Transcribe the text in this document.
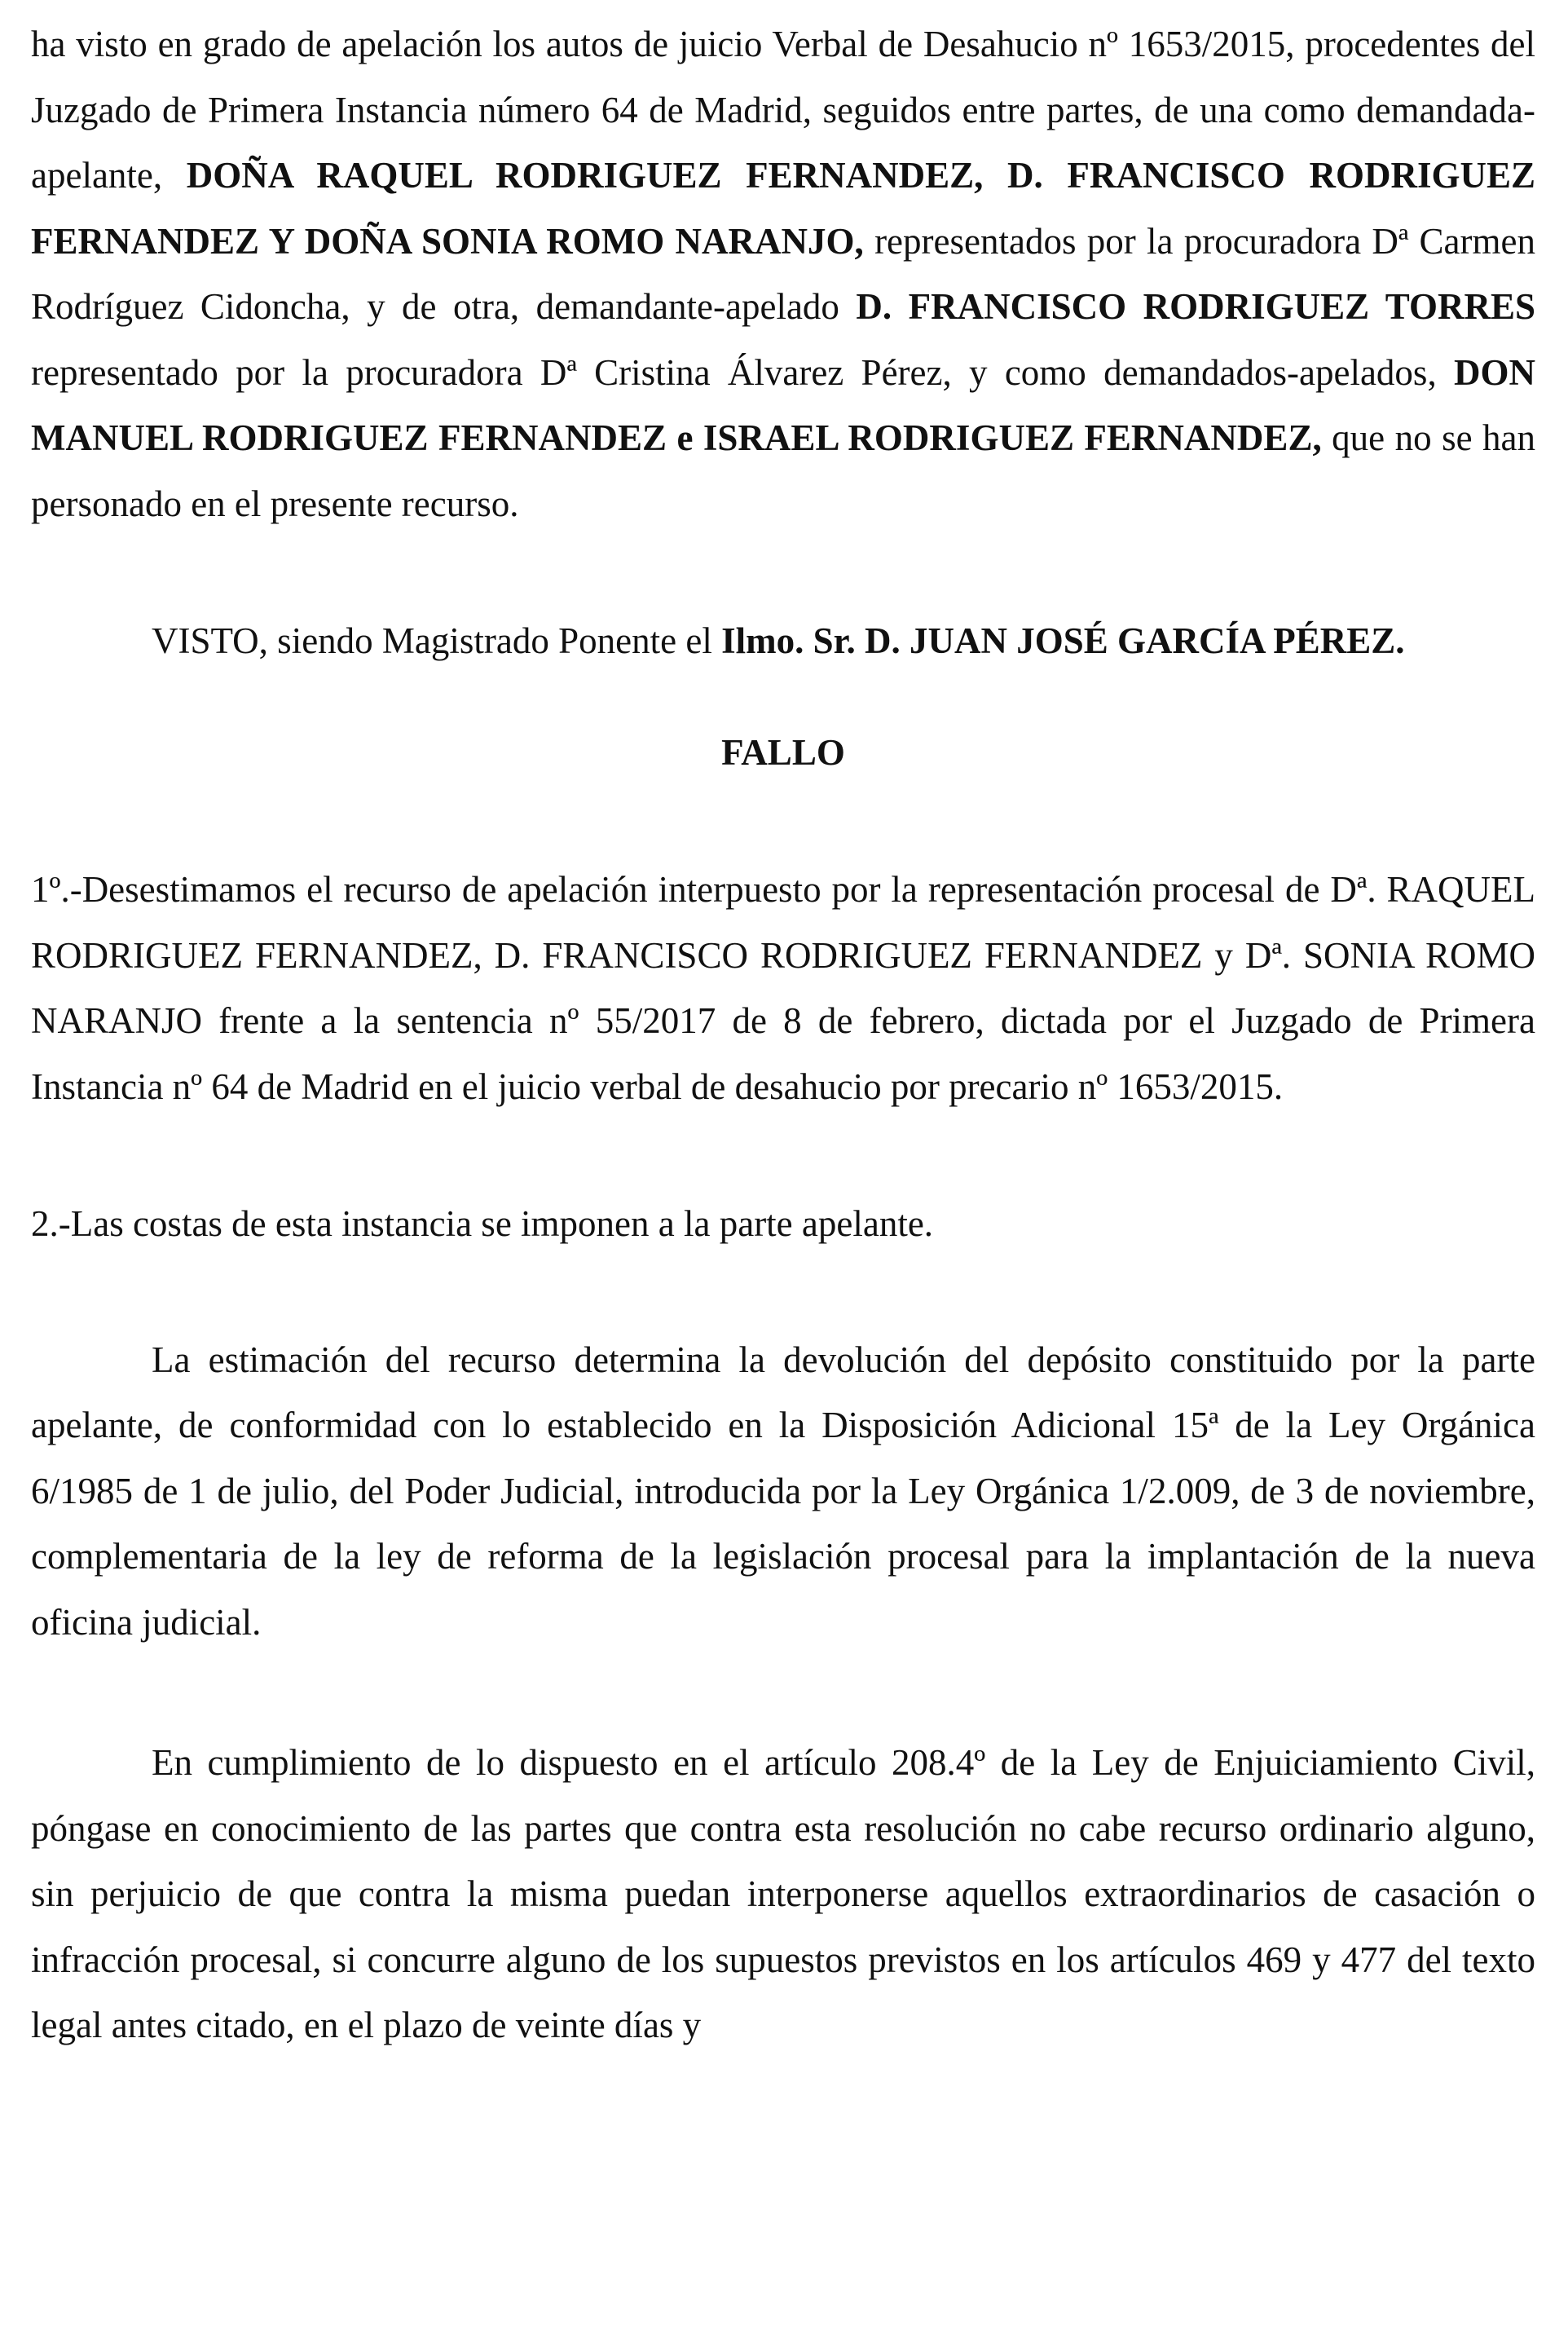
ha visto en grado de apelación los autos de juicio Verbal de Desahucio nº 1653/2015, procedentes del Juzgado de Primera Instancia número 64 de Madrid, seguidos entre partes, de una como demandada-apelante, DOÑA RAQUEL RODRIGUEZ FERNANDEZ, D. FRANCISCO RODRIGUEZ FERNANDEZ Y DOÑA SONIA ROMO NARANJO, representados por la procuradora Dª Carmen Rodríguez Cidoncha, y de otra, demandante-apelado D. FRANCISCO RODRIGUEZ TORRES representado por la procuradora Dª Cristina Álvarez Pérez, y como demandados-apelados, DON MANUEL RODRIGUEZ FERNANDEZ e ISRAEL RODRIGUEZ FERNANDEZ, que no se han personado en el presente recurso.

VISTO, siendo Magistrado Ponente el Ilmo. Sr. D. JUAN JOSÉ GARCÍA PÉREZ.

FALLO

1º.-Desestimamos el recurso de apelación interpuesto por la representación procesal de Dª. RAQUEL RODRIGUEZ FERNANDEZ, D. FRANCISCO RODRIGUEZ FERNANDEZ y Dª. SONIA ROMO NARANJO frente a la sentencia nº 55/2017 de 8 de febrero, dictada por el Juzgado de Primera Instancia nº 64 de Madrid en el juicio verbal de desahucio por precario nº 1653/2015.

2.-Las costas de esta instancia se imponen a la parte apelante.

La estimación del recurso determina la devolución del depósito constituido por la parte apelante, de conformidad con lo establecido en la Disposición Adicional 15ª de la Ley Orgánica 6/1985 de 1 de julio, del Poder Judicial, introducida por la Ley Orgánica 1/2.009, de 3 de noviembre, complementaria de la ley de reforma de la legislación procesal para la implantación de la nueva oficina judicial.

En cumplimiento de lo dispuesto en el artículo 208.4º de la Ley de Enjuiciamiento Civil, póngase en conocimiento de las partes que contra esta resolución no cabe recurso ordinario alguno, sin perjuicio de que contra la misma puedan interponerse aquellos extraordinarios de casación o infracción procesal, si concurre alguno de los supuestos previstos en los artículos 469 y 477 del texto legal antes citado, en el plazo de veinte días y
